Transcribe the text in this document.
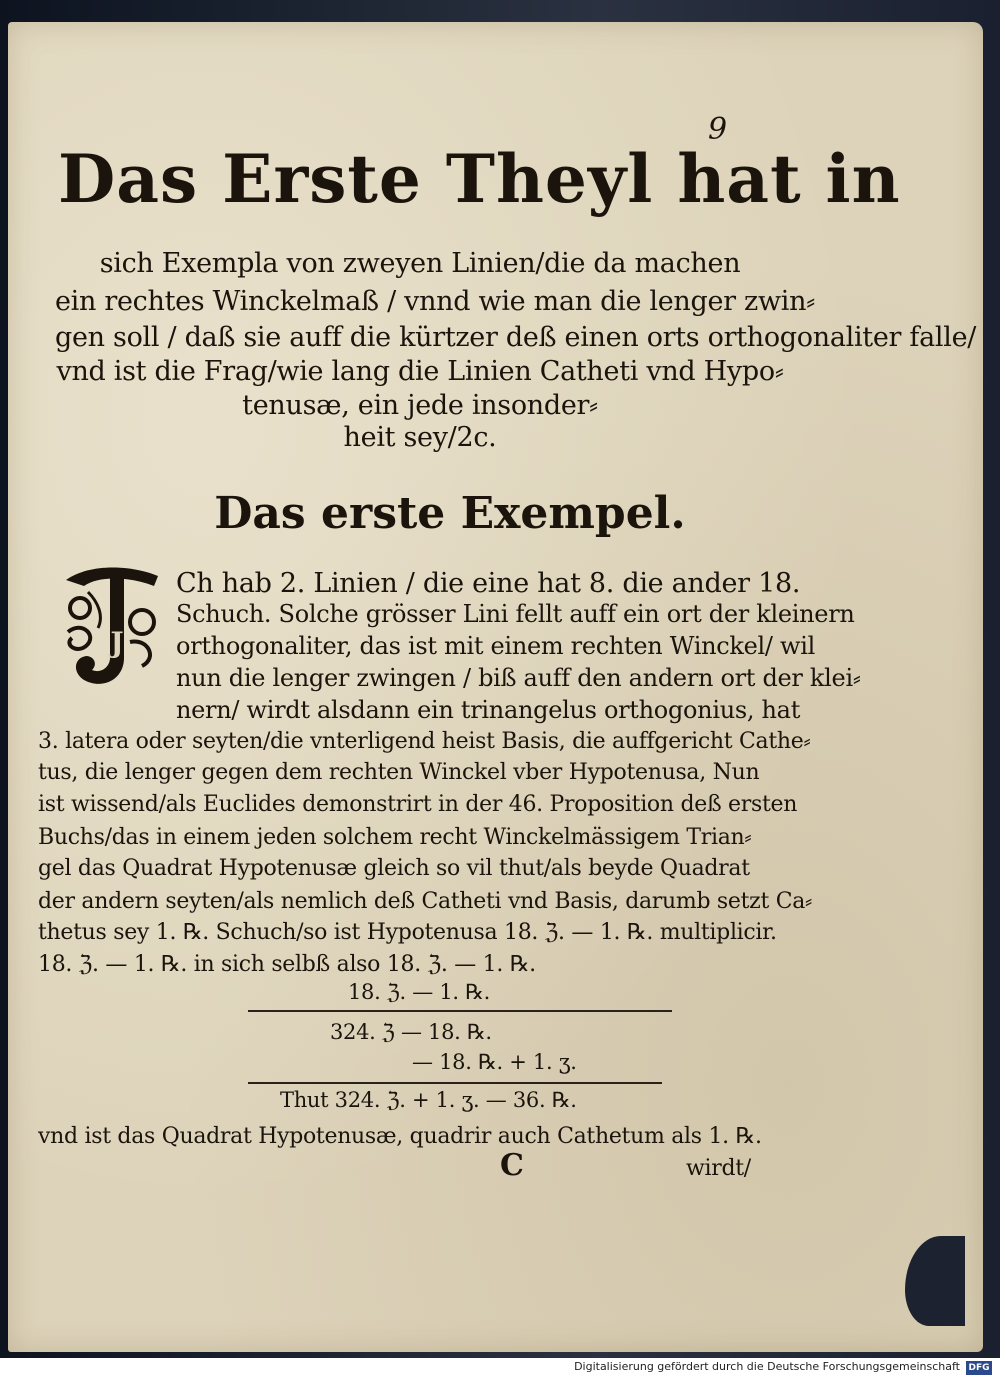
9
Das Erste Theyl hat in
sich Exempla von zweyen Linien/die da machen
ein rechtes Winckelmaß / vnnd wie man die lenger zwin⸗
gen soll / daß sie auff die kürtzer deß einen orts orthogonaliter falle/
vnd ist die Frag/wie lang die Linien Catheti vnd Hypo⸗
tenusæ, ein jede insonder⸗
heit sey/2c.
Das erste Exempel.
J
Ch hab 2. Linien / die eine hat 8. die ander 18.
Schuch. Solche grösser Lini fellt auff ein ort der kleinern
orthogonaliter, das ist mit einem rechten Winckel/ wil
nun die lenger zwingen / biß auff den andern ort der klei⸗
nern/ wirdt alsdann ein trinangelus orthogonius, hat
3. latera oder seyten/die vnterligend heist Basis, die auffgericht Cathe⸗
tus, die lenger gegen dem rechten Winckel vber Hypotenusa, Nun
ist wissend/als Euclides demonstrirt in der 46. Proposition deß ersten
Buchs/das in einem jeden solchem recht Winckelmässigem Trian⸗
gel das Quadrat Hypotenusæ gleich so vil thut/als beyde Quadrat
der andern seyten/als nemlich deß Catheti vnd Basis, darumb setzt Ca⸗
thetus sey 1. ℞. Schuch/so ist Hypotenusa 18. ℨ. — 1. ℞. multiplicir.
18. ℨ. — 1. ℞. in sich selbß also 18. ℨ. — 1. ℞.
18. ℨ. — 1. ℞.
324. ℨ — 18. ℞.
— 18. ℞. + 1. ʒ.
Thut 324. ℨ. + 1. ʒ. — 36. ℞.
vnd ist das Quadrat Hypotenusæ, quadrir auch Cathetum als 1. ℞.
C	wirdt/
Digitalisierung gefördert durch die Deutsche Forschungsgemeinschaft DFG
